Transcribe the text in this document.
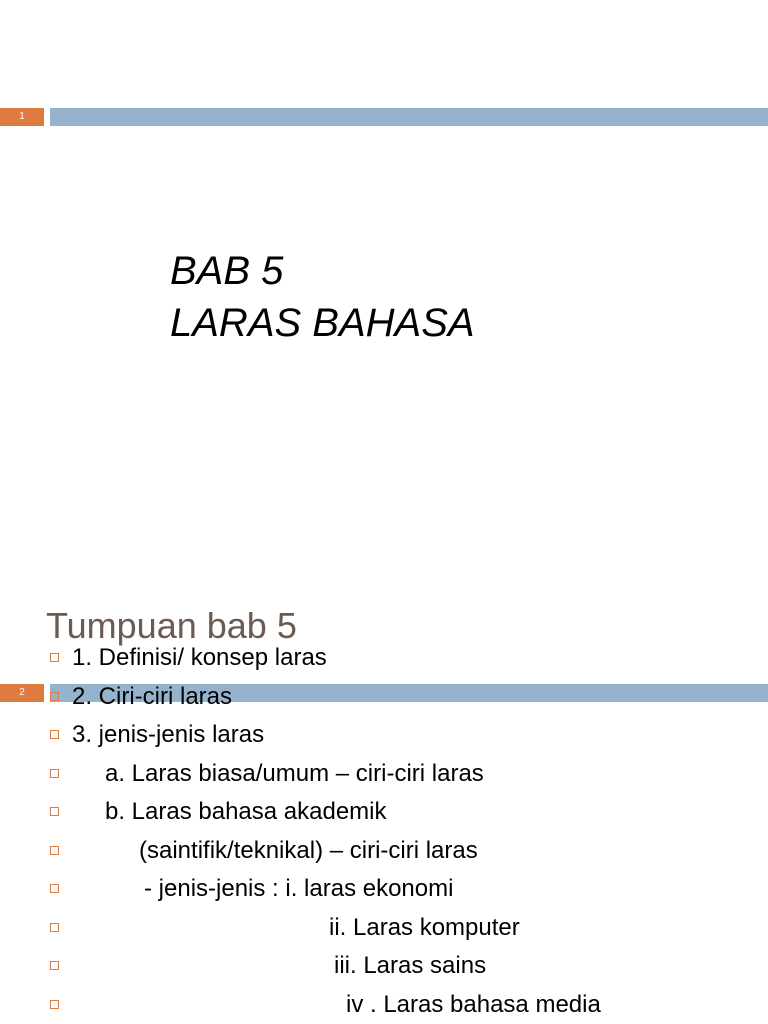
1
BAB 5
LARAS BAHASA
2
Tumpuan bab 5
1. Definisi/ konsep laras
2. Ciri-ciri laras
3. jenis-jenis laras
a. Laras biasa/umum – ciri-ciri laras
b. Laras bahasa akademik
(saintifik/teknikal) – ciri-ciri laras
- jenis-jenis : i. laras ekonomi
ii. Laras komputer
iii. Laras sains
iv . Laras bahasa media
